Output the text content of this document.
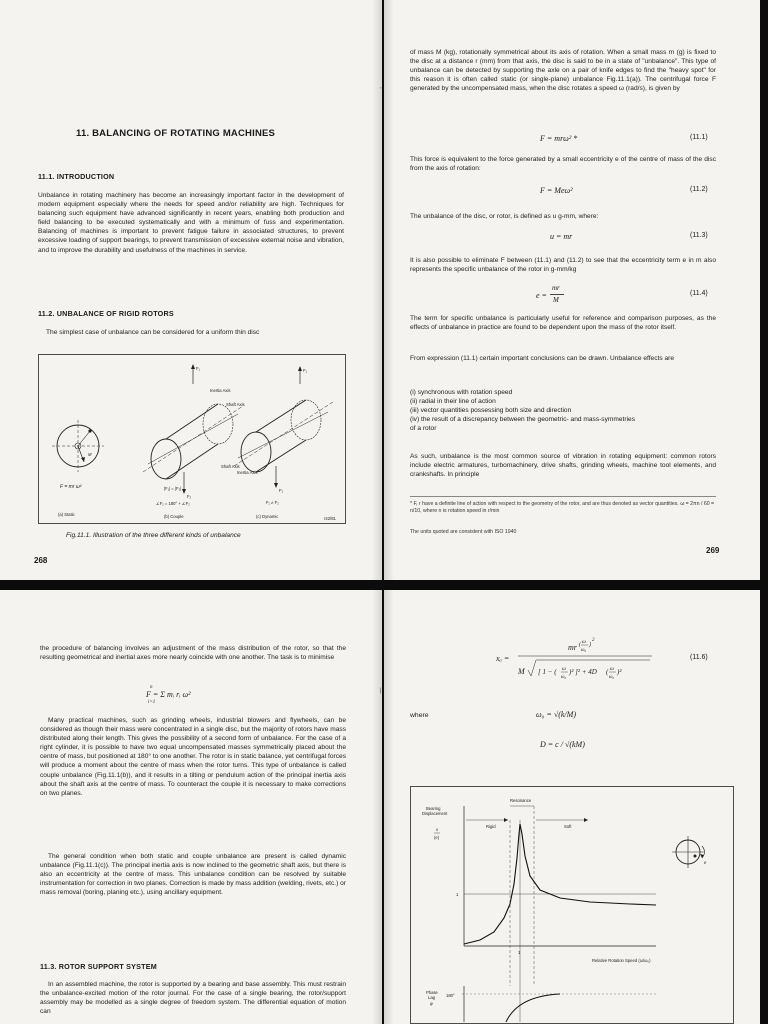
11. BALANCING OF ROTATING MACHINES
11.1. INTRODUCTION

Unbalance in rotating machinery has become an increasingly important factor in the development of modern equipment especially where the needs for speed and/or reliability are high. Techniques for balancing such equipment have advanced significantly in recent years, enabling both production and field balancing to be executed systematically and with a minimum of fuss and experimentation. Balancing of machines is important to prevent fatigue failure in associated structures, to prevent excessive loading of support bearings, to prevent transmission of excessive external noise and vibration, and to improve the durability and usefulness of the machines in service.

11.2. UNBALANCE OF RIGID ROTORS

The simplest case of unbalance can be considered for a uniform thin disc

M
F = mr ω²
(a) Static
F₁
F₂
Inertia Axis
Shaft Axis
|F₁| = |F₂|
∠F₁ = 180° + ∠F₂
(b) Couple
F₁
F₂
Shaft Axis
Inertia Axis
F₁ ≠ F₂
(c) Dynamic	r42/81
Fig.11.1. Illustration of the three different kinds of unbalance
268
,

of mass M (kg), rotationally symmetrical about its axis of rotation. When a small mass m (g) is fixed to the disc at a distance r (mm) from that axis, the disc is said to be in a state of "unbalance". This type of unbalance can be detected by supporting the axle on a pair of knife edges to find the "heavy spot" for this reason it is often called static (or single-plane) unbalance Fig.11.1(a)). The centrifugal force F generated by the uncompensated mass, when the disc rotates a speed ω (rad/s), is given by

F = mrω² *	(11.1)

This force is equivalent to the force generated by a small eccentricity e of the centre of mass of the disc from the axis of rotation:

F = Meω²	(11.2)

The unbalance of the disc, or rotor, is defined as u g-mm, where:

u = mr	(11.3)

It is also possible to eliminate F between (11.1) and (11.2) to see that the eccentricity term e in m also represents the specific unbalance of the rotor in g-mm/kg

e =
mr
M
(11.4)

The term for specific unbalance is particularly useful for reference and comparison purposes, as the effects of unbalance in practice are found to be dependent upon the mass of the rotor itself.

From expression (11.1) certain important conclusions can be drawn. Unbalance effects are

(i) synchronous with rotation speed
(ii) radial in their line of action
(iii) vector quantities possessing both size and direction
(iv) the result of a discrepancy between the geometric- and mass-symmetries
of a rotor

As such, unbalance is the most common source of vibration in rotating equipment: common rotors include electric armatures, turbomachinery, drive shafts, grinding wheels, machine tool elements, and crankshafts. In principle

* F, r have a definite line of action with respect to the geometry of the rotor, and are thus denoted as vector quantities. ω = 2πn / 60 = n/10, where n is rotation speed in r/min
The units quoted are consistent with ISO 1940
269

the procedure of balancing involves an adjustment of the mass distribution of the rotor, so that the resulting geometrical and inertial axes more nearly coincide with one another. The task is to minimise

n
F = Σ mᵢ rᵢ ω²
i=1

Many practical machines, such as grinding wheels, industrial blowers and flywheels, can be considered as though their mass were concentrated in a single disc, but the majority of rotors have mass distributed along their length. This gives the possibility of a second form of unbalance. For the case of a right cylinder, it is possible to have two equal uncompensated masses symmetrically placed about the centre of mass, but positioned at 180° to one another. The rotor is in static balance, yet centrifugal forces will produce a moment about the centre of mass when the rotor turns. This type of unbalance is called couple unbalance (Fig.11.1(b)), and it results in a tilting or pendulum action of the principal inertia axis about the shaft axis at the centre of mass. To counteract the couple it is necessary to make corrections on two planes.

The general condition when both static and couple unbalance are present is called dynamic unbalance (Fig.11.1(c)). The principal inertia axis is now inclined to the geometric shaft axis, but there is also an eccentricity at the centre of mass. This unbalance condition can be resolved by suitable instrumentation for correction in two planes. Correction is made by mass addition (welding, rivets, etc.) or mass removal (boring, planing etc.), using ancillary equipment.

11.3. ROTOR SUPPORT SYSTEM

In an assembled machine, the rotor is supported by a bearing and base assembly. This must restrain the unbalance-excited motion of the rotor journal. For the case of a single bearing, the rotor/support assembly may be modelled as a single degree of freedom system. The differential equation of motion can

|
xₐ =
mr ( ω
ω₀
)
2
M [ 1 − ( ω
ω₀
)² ]² + 4D ( ω
ω₀
)²
(11.6)
where	ω₀ = √(k/M)
D = c / √(kM)
Bearing
Displacement
x
(e)
Resonance
Rigid	Soft
1
1
Relative Rotation Speed (ω/ω₀)
Phase
Lag
φ
180°
e
